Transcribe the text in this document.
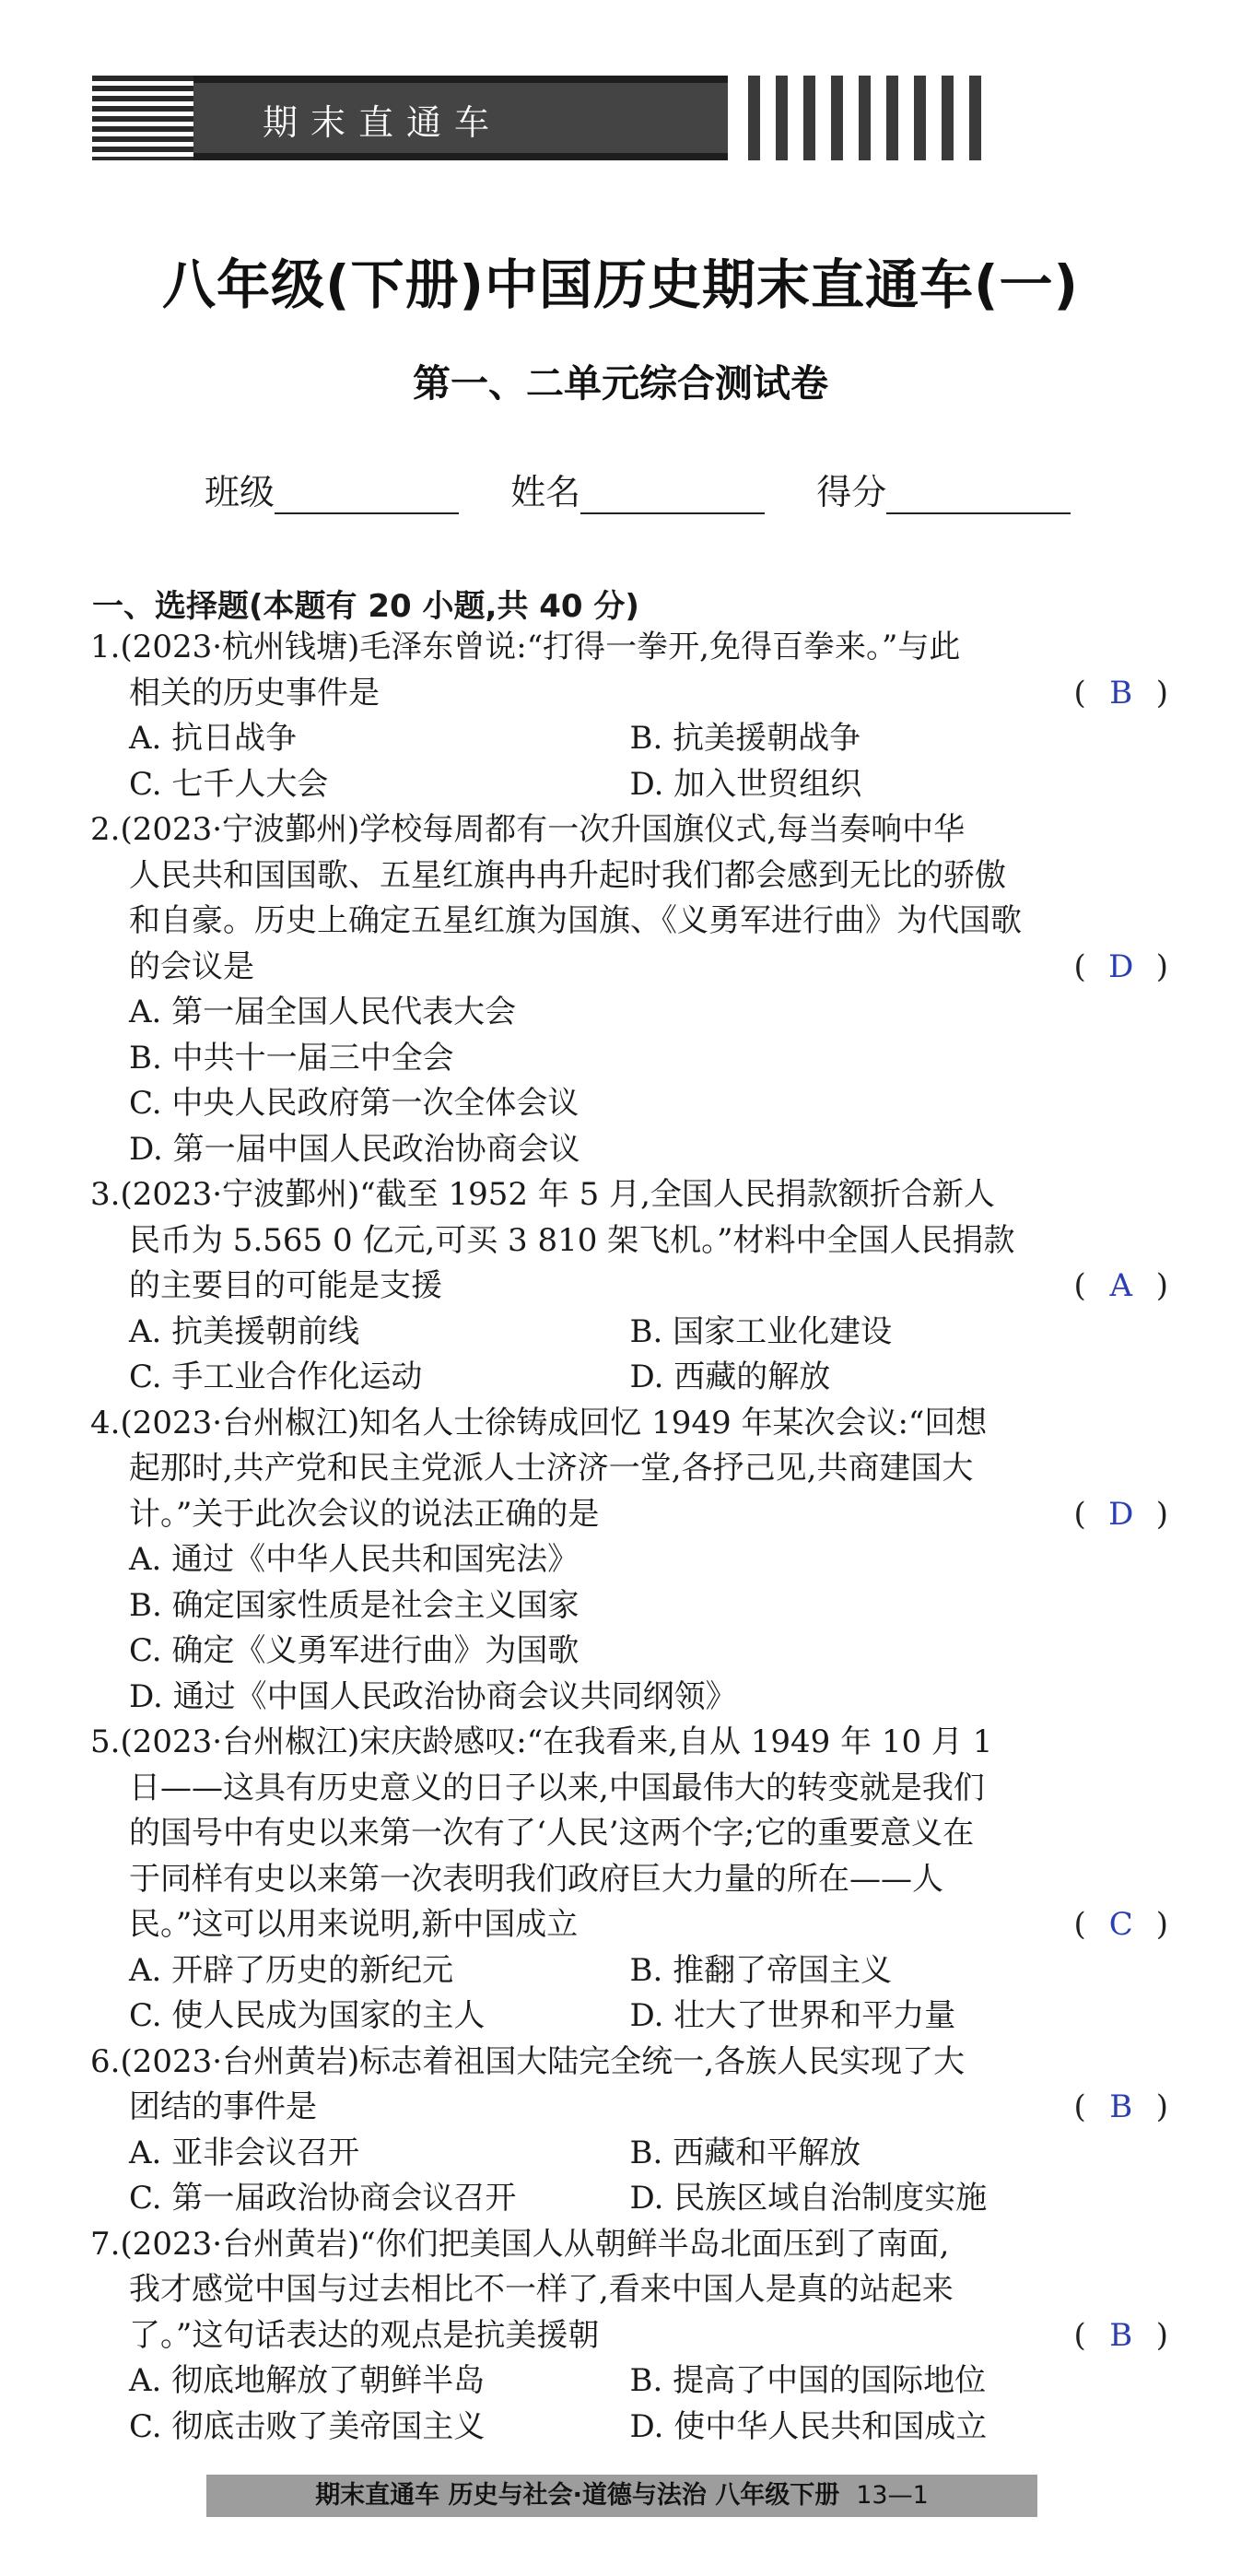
期末直通车
八年级(下册)中国历史期末直通车(一)
第一、二单元综合测试卷
班级	姓名	得分
一、选择题(本题有 20 小题,共 40 分)
1.(2023·杭州钱塘)毛泽东曾说:“打得一拳开,免得百拳来。”与此
相关的历史事件是	( B )
A. 抗日战争	B. 抗美援朝战争
C. 七千人大会	D. 加入世贸组织
2.(2023·宁波鄞州)学校每周都有一次升国旗仪式,每当奏响中华
人民共和国国歌、五星红旗冉冉升起时我们都会感到无比的骄傲
和自豪。历史上确定五星红旗为国旗、《义勇军进行曲》为代国歌
的会议是	( D )
A. 第一届全国人民代表大会
B. 中共十一届三中全会
C. 中央人民政府第一次全体会议
D. 第一届中国人民政治协商会议
3.(2023·宁波鄞州)“截至 1952 年 5 月,全国人民捐款额折合新人
民币为 5.565 0 亿元,可买 3 810 架飞机。”材料中全国人民捐款
的主要目的可能是支援	( A )
A. 抗美援朝前线	B. 国家工业化建设
C. 手工业合作化运动	D. 西藏的解放
4.(2023·台州椒江)知名人士徐铸成回忆 1949 年某次会议:“回想
起那时,共产党和民主党派人士济济一堂,各抒己见,共商建国大
计。”关于此次会议的说法正确的是	( D )
A. 通过《中华人民共和国宪法》
B. 确定国家性质是社会主义国家
C. 确定《义勇军进行曲》为国歌
D. 通过《中国人民政治协商会议共同纲领》
5.(2023·台州椒江)宋庆龄感叹:“在我看来,自从 1949 年 10 月 1
日——这具有历史意义的日子以来,中国最伟大的转变就是我们
的国号中有史以来第一次有了‘人民’这两个字;它的重要意义在
于同样有史以来第一次表明我们政府巨大力量的所在——人
民。”这可以用来说明,新中国成立	( C )
A. 开辟了历史的新纪元	B. 推翻了帝国主义
C. 使人民成为国家的主人	D. 壮大了世界和平力量
6.(2023·台州黄岩)标志着祖国大陆完全统一,各族人民实现了大
团结的事件是	( B )
A. 亚非会议召开	B. 西藏和平解放
C. 第一届政治协商会议召开	D. 民族区域自治制度实施
7.(2023·台州黄岩)“你们把美国人从朝鲜半岛北面压到了南面,
我才感觉中国与过去相比不一样了,看来中国人是真的站起来
了。”这句话表达的观点是抗美援朝	( B )
A. 彻底地解放了朝鲜半岛	B. 提高了中国的国际地位
C. 彻底击败了美帝国主义	D. 使中华人民共和国成立
期末直通车 历史与社会·道德与法治 八年级下册 13—1
